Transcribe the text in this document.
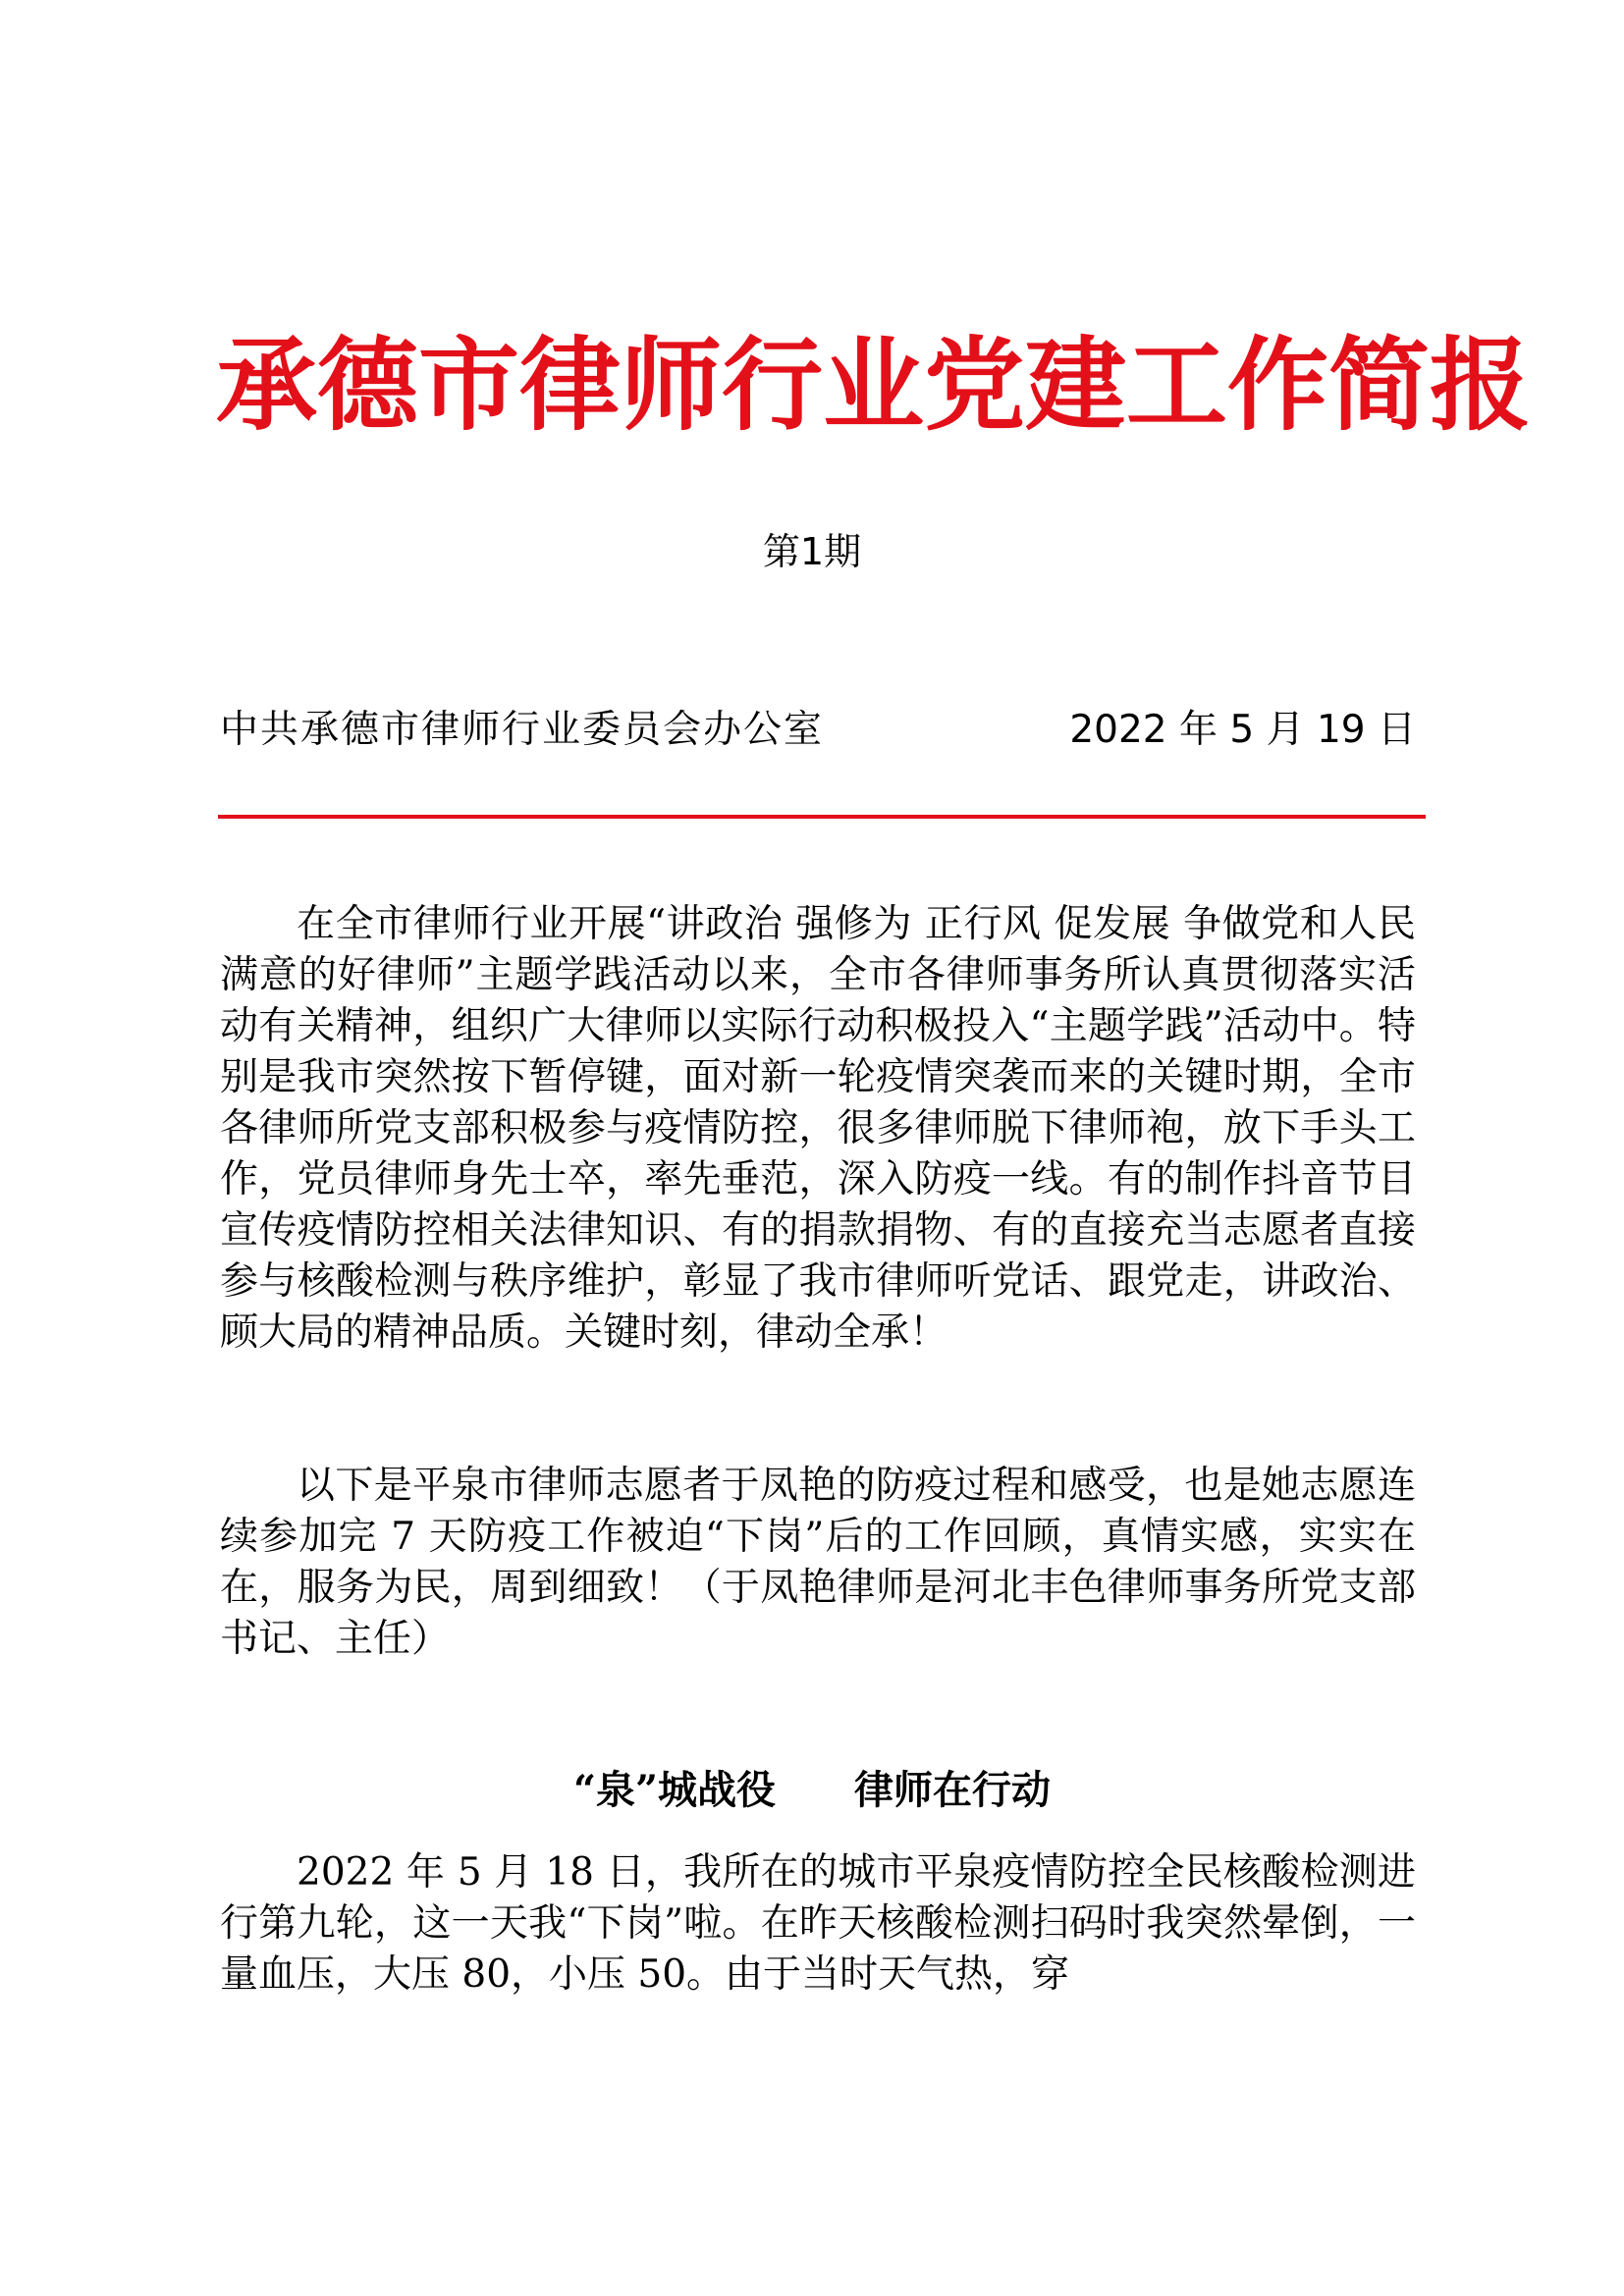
承德市律师行业党建工作简报
第1期
中共承德市律师行业委员会办公室	2022 年 5 月 19 日

在全市律师行业开展“讲政治 强修为 正行风 促发展 争做党和人民满意的好律师”主题学践活动以来，全市各律师事务所认真贯彻落实活动有关精神，组织广大律师以实际行动积极投入“主题学践”活动中。特别是我市突然按下暂停键，面对新一轮疫情突袭而来的关键时期，全市各律师所党支部积极参与疫情防控，很多律师脱下律师袍，放下手头工作，党员律师身先士卒，率先垂范，深入防疫一线。有的制作抖音节目宣传疫情防控相关法律知识、有的捐款捐物、有的直接充当志愿者直接参与核酸检测与秩序维护，彰显了我市律师听党话、跟党走，讲政治、顾大局的精神品质。关键时刻，律动全承！

以下是平泉市律师志愿者于凤艳的防疫过程和感受，也是她志愿连续参加完 7 天防疫工作被迫“下岗”后的工作回顾，真情实感，实实在在，服务为民，周到细致！（于凤艳律师是河北丰色律师事务所党支部书记、主任）

“泉”城战役　　律师在行动

2022 年 5 月 18 日，我所在的城市平泉疫情防控全民核酸检测进行第九轮，这一天我“下岗”啦。在昨天核酸检测扫码时我突然晕倒，一量血压，大压 80，小压 50。由于当时天气热，穿
